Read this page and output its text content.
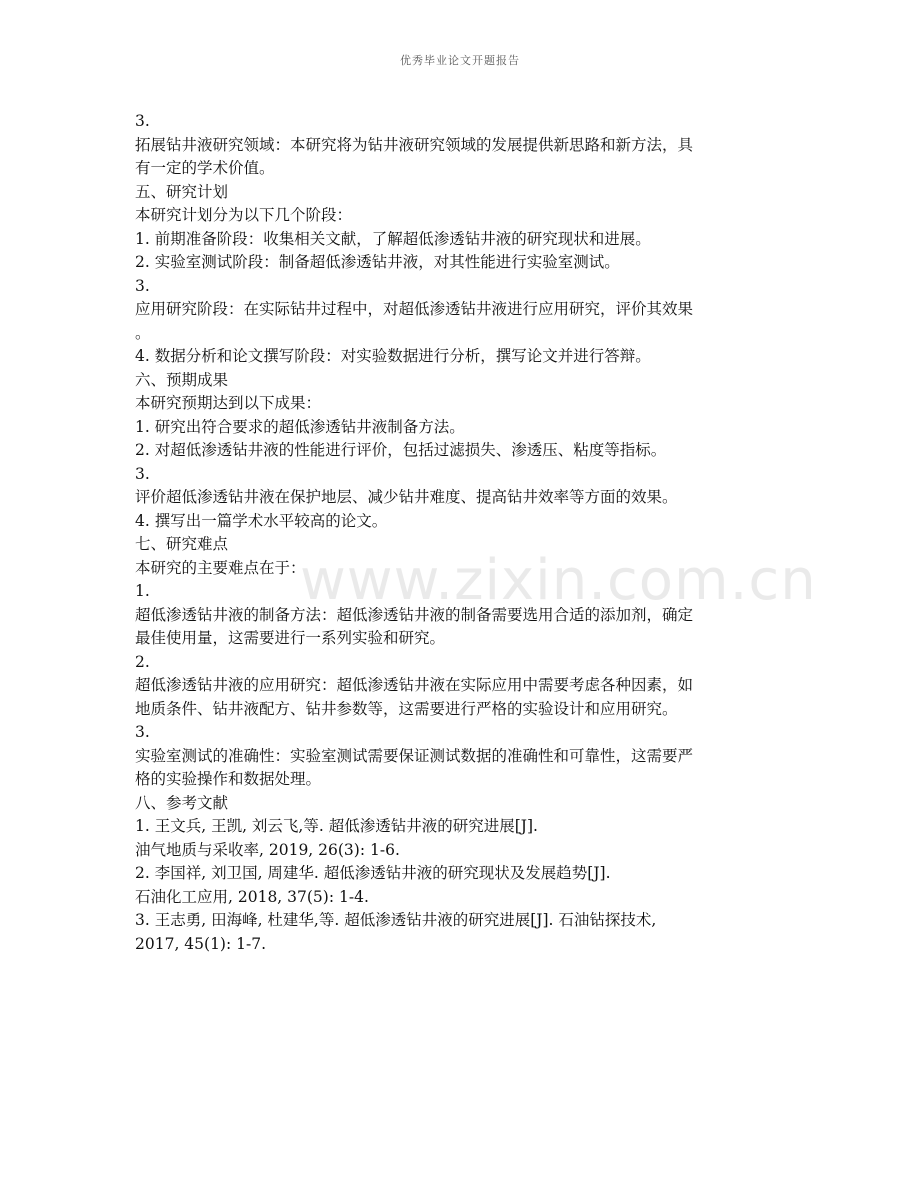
优秀毕业论文开题报告
3.
拓展钻井液研究领域：本研究将为钻井液研究领域的发展提供新思路和新方法，具
有一定的学术价值。
五、研究计划
本研究计划分为以下几个阶段：
1. 前期准备阶段：收集相关文献，了解超低渗透钻井液的研究现状和进展。
2. 实验室测试阶段：制备超低渗透钻井液，对其性能进行实验室测试。
3.
应用研究阶段：在实际钻井过程中，对超低渗透钻井液进行应用研究，评价其效果
。
4. 数据分析和论文撰写阶段：对实验数据进行分析，撰写论文并进行答辩。
六、预期成果
本研究预期达到以下成果：
1. 研究出符合要求的超低渗透钻井液制备方法。
2. 对超低渗透钻井液的性能进行评价，包括过滤损失、渗透压、粘度等指标。
3.
评价超低渗透钻井液在保护地层、减少钻井难度、提高钻井效率等方面的效果。
4. 撰写出一篇学术水平较高的论文。
七、研究难点
本研究的主要难点在于：
1.
超低渗透钻井液的制备方法：超低渗透钻井液的制备需要选用合适的添加剂，确定
最佳使用量，这需要进行一系列实验和研究。
2.
超低渗透钻井液的应用研究：超低渗透钻井液在实际应用中需要考虑各种因素，如
地质条件、钻井液配方、钻井参数等，这需要进行严格的实验设计和应用研究。
3.
实验室测试的准确性：实验室测试需要保证测试数据的准确性和可靠性，这需要严
格的实验操作和数据处理。
八、参考文献
1. 王文兵, 王凯, 刘云飞,等. 超低渗透钻井液的研究进展[J].
油气地质与采收率, 2019, 26(3): 1-6.
2. 李国祥, 刘卫国, 周建华. 超低渗透钻井液的研究现状及发展趋势[J].
石油化工应用, 2018, 37(5): 1-4.
3. 王志勇, 田海峰, 杜建华,等. 超低渗透钻井液的研究进展[J]. 石油钻探技术,
2017, 45(1): 1-7.
www.zixin.com.cn
